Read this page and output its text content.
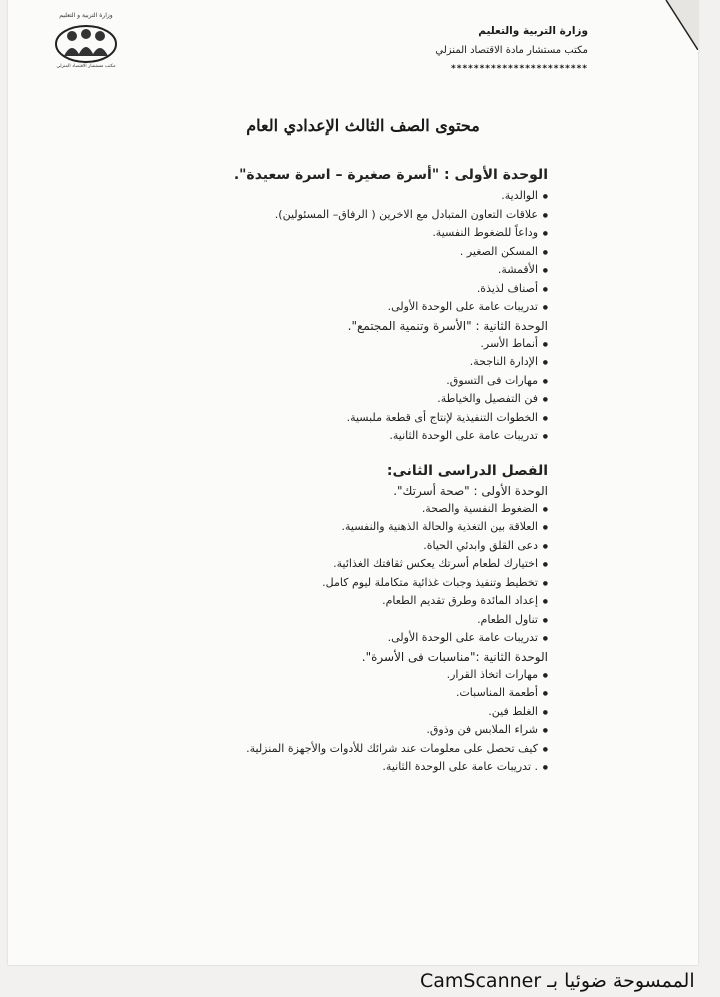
وزارة التربية و التعليم
مكتب مستشار الاقتصاد المنزلي
وزارة التربية والتعليم
مكتب مستشار مادة الاقتصاد المنزلي
************************
محتوى الصف الثالث الإعدادي العام
الوحدة الأولى : "أسرة صغيرة – اسرة سعيدة".
● الوالدية.
● علاقات التعاون المتبادل مع الاخرين ( الرفاق– المسئولين).
● وداعاً للضغوط النفسية.
● المسكن الصغير .
● الأقمشة.
● أصناف لذيذة.
● تدريبات عامة على الوحدة الأولى.
الوحدة الثانية : "الأسرة وتنمية المجتمع".
● أنماط الأسر.
● الإدارة الناجحة.
● مهارات فى التسوق.
● فن التفصيل والخياطة.
● الخطوات التنفيذية لإنتاج أى قطعة ملبسية.
● تدريبات عامة على الوحدة الثانية.
الفصل الدراسى الثانى:
الوحدة الأولى : "صحة أسرتك".
● الضغوط النفسية والصحة.
● العلاقة بين التغذية والحالة الذهنية والنفسية.
● دعى القلق وابدئي الحياة.
● اختيارك لطعام أسرتك يعكس ثقافتك الغذائية.
● تخطيط وتنفيذ وجبات غذائية متكاملة ليوم كامل.
● إعداد المائدة وطرق تقديم الطعام.
● تناول الطعام.
● تدريبات عامة على الوحدة الأولى.
الوحدة الثانية :"مناسبات فى الأسرة".
● مهارات اتخاذ القرار.
● أطعمة المناسبات.
● الغلط فين.
● شراء الملابس فن وذوق.
● كيف تحصل على معلومات عند شرائك للأدوات والأجهزة المنزلية.
● . تدريبات عامة على الوحدة الثانية.
CamScanner الممسوحة ضوئيا بـ
